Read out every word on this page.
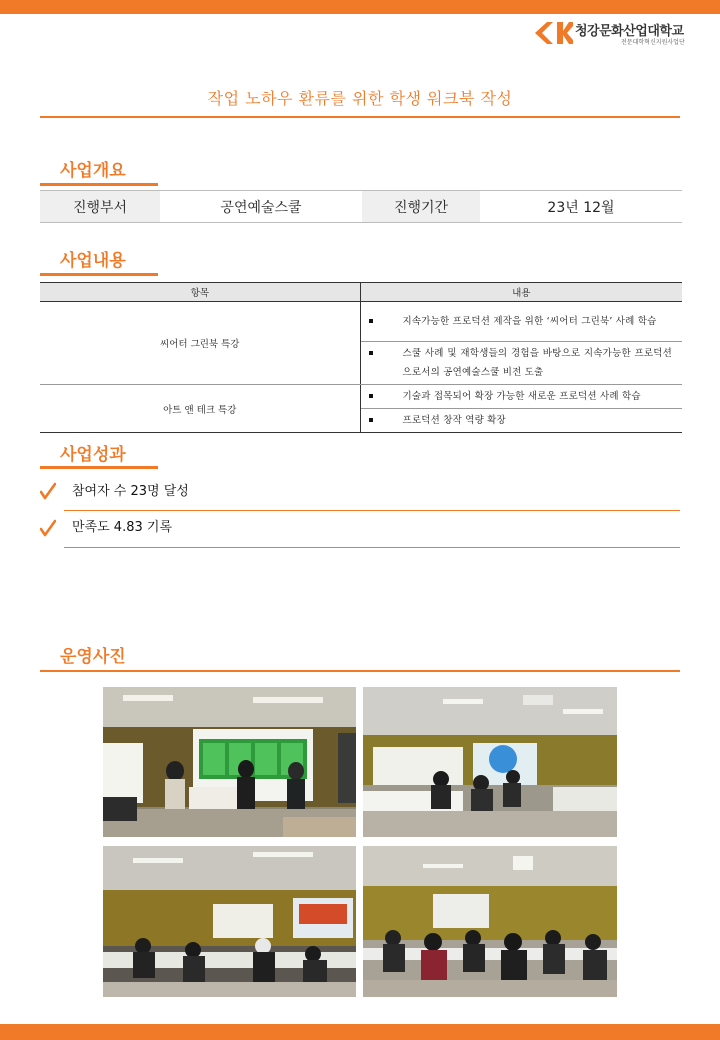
청강문화산업대학교
전문대학혁신지원사업단
작업 노하우 환류를 위한 학생 워크북 작성
사업개요
진행부서	공연예술스쿨	진행기간	23년 12월
사업내용
항목	내용
씨어터 그린북 특강	지속가능한 프로덕션 제작을 위한 ‘씨어터 그린북’ 사례 학습

	스쿨 사례 및 재학생들의 경험을 바탕으로 지속가능한 프로덕션으로서의 공연예술스쿨 비전 도출

아트 앤 테크 특강	기술과 접목되어 확장 가능한 새로운 프로덕션 사례 학습

	프로덕션 창작 역량 확장
사업성과
참여자 수 23명 달성
만족도 4.83 기록
운영사진
